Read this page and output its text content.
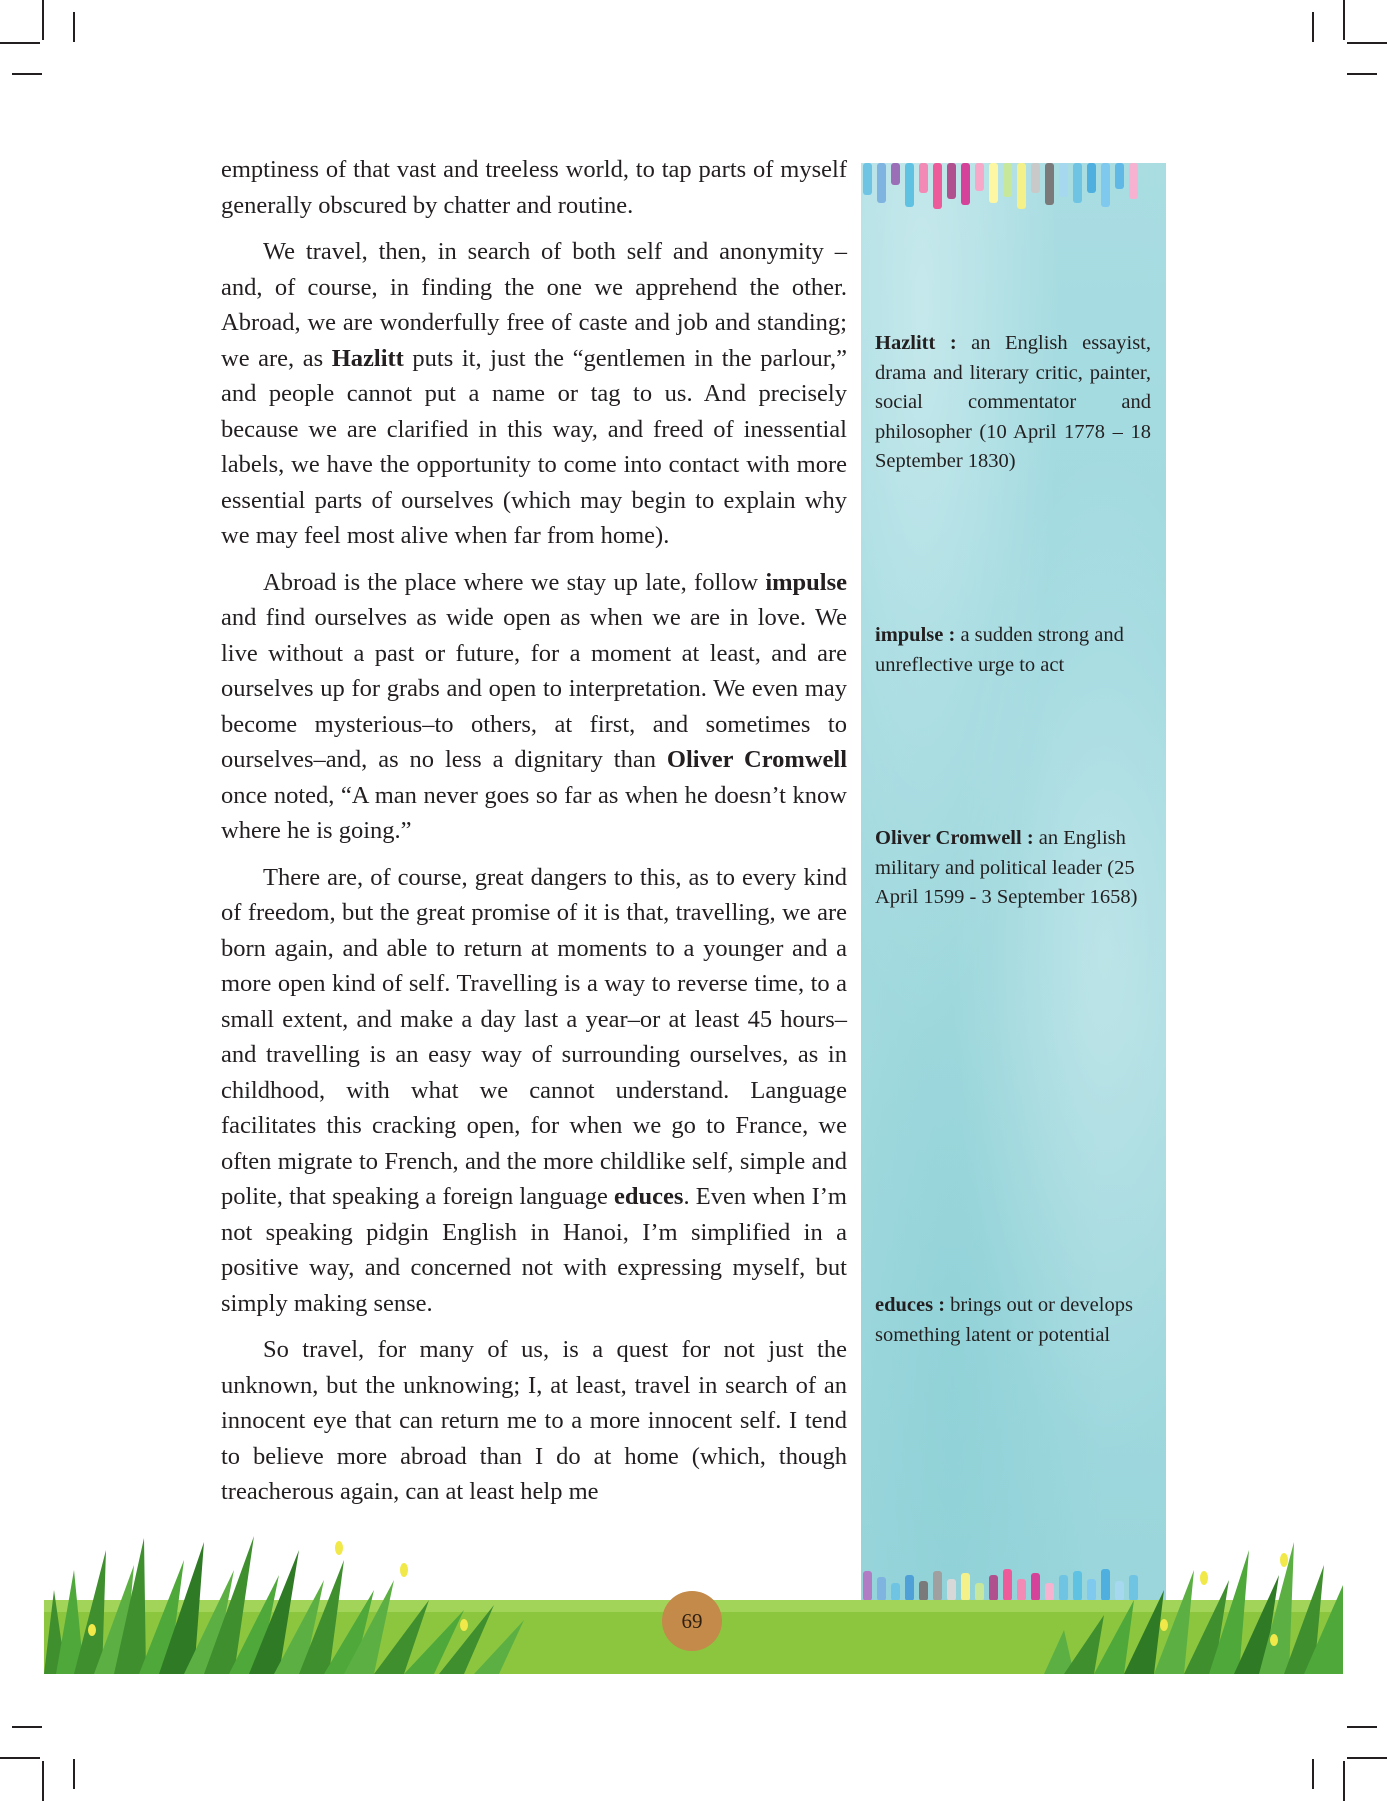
emptiness of that vast and treeless world, to tap parts of myself generally obscured by chatter and routine.

We travel, then, in search of both self and anonymity – and, of course, in finding the one we apprehend the other. Abroad, we are wonderfully free of caste and job and standing; we are, as Hazlitt puts it, just the “gentlemen in the parlour,” and people cannot put a name or tag to us. And precisely because we are clarified in this way, and freed of inessential labels, we have the opportunity to come into contact with more essential parts of ourselves (which may begin to explain why we may feel most alive when far from home).

Abroad is the place where we stay up late, follow impulse and find ourselves as wide open as when we are in love. We live without a past or future, for a moment at least, and are ourselves up for grabs and open to interpretation. We even may become mysterious–to others, at first, and sometimes to ourselves–and, as no less a dignitary than Oliver Cromwell once noted, “A man never goes so far as when he doesn’t know where he is going.”

There are, of course, great dangers to this, as to every kind of freedom, but the great promise of it is that, travelling, we are born again, and able to return at moments to a younger and a more open kind of self. Travelling is a way to reverse time, to a small extent, and make a day last a year–or at least 45 hours–and travelling is an easy way of surrounding ourselves, as in childhood, with what we cannot understand. Language facilitates this cracking open, for when we go to France, we often migrate to French, and the more childlike self, simple and polite, that speaking a foreign language educes. Even when I’m not speaking pidgin English in Hanoi, I’m simplified in a positive way, and concerned not with expressing myself, but simply making sense.

So travel, for many of us, is a quest for not just the unknown, but the unknowing; I, at least, travel in search of an innocent eye that can return me to a more innocent self. I tend to believe more abroad than I do at home (which, though treacherous again, can at least help me

Hazlitt : an English essayist, drama and literary critic, painter, social commentator and philosopher (10 April 1778 – 18 September 1830)
impulse : a sudden strong and unreflective urge to act
Oliver Cromwell : an English military and political leader (25 April 1599 - 3 September 1658)
educes : brings out or develops something latent or potential
69
